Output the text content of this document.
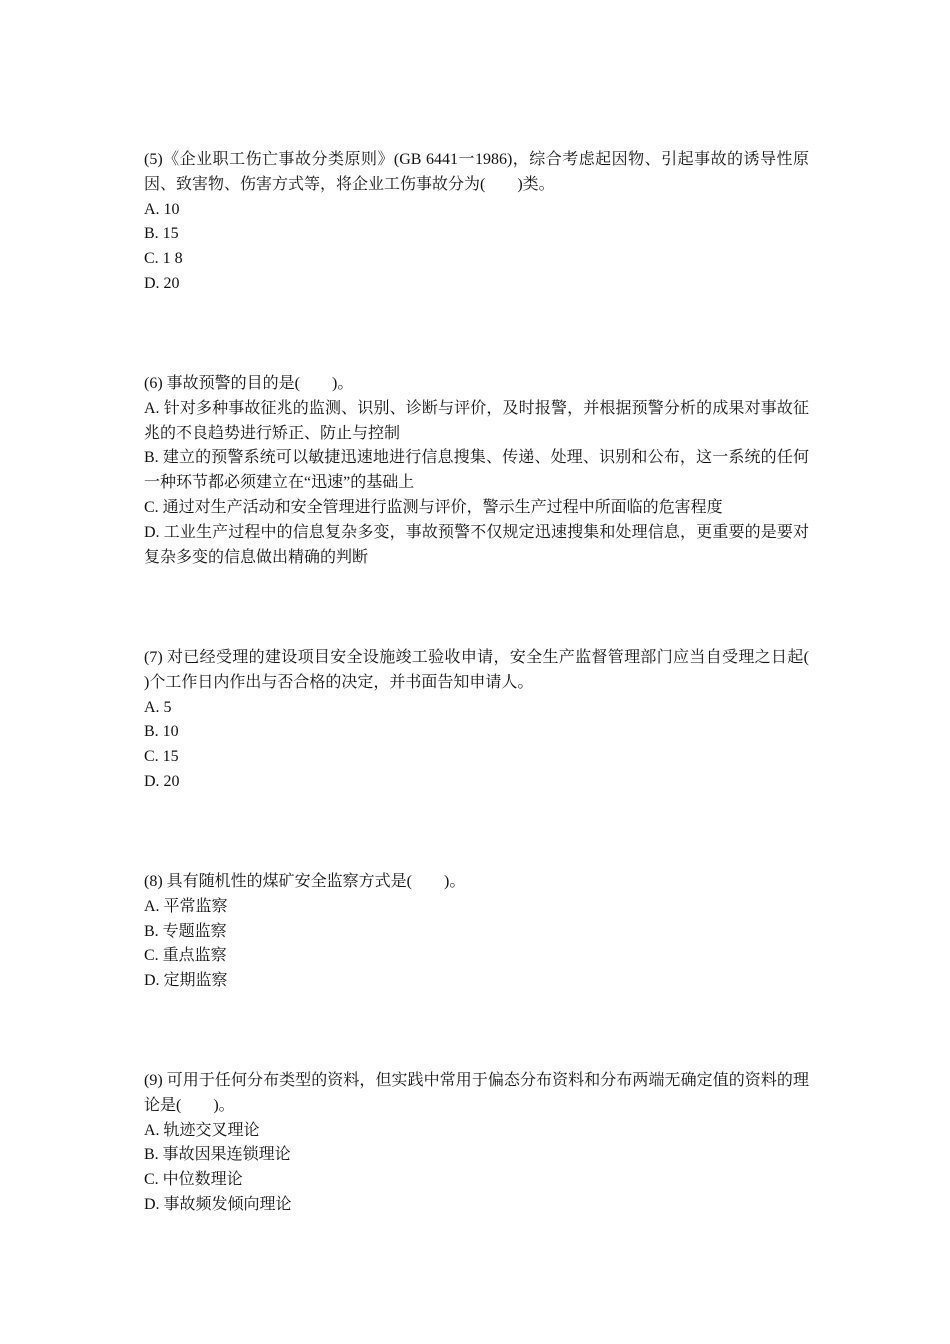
(5)《企业职工伤亡事故分类原则》(GB 6441一1986)，综合考虑起因物、引起事故的诱导性原因、致害物、伤害方式等，将企业工伤事故分为(　　)类。
A. 10
B. 15
C. 1 8
D. 20
(6) 事故预警的目的是(　　)。
A. 针对多种事故征兆的监测、识别、诊断与评价，及时报警，并根据预警分析的成果对事故征兆的不良趋势进行矫正、防止与控制
B. 建立的预警系统可以敏捷迅速地进行信息搜集、传递、处理、识别和公布，这一系统的任何一种环节都必须建立在“迅速”的基础上
C. 通过对生产活动和安全管理进行监测与评价，警示生产过程中所面临的危害程度
D. 工业生产过程中的信息复杂多变，事故预警不仅规定迅速搜集和处理信息，更重要的是要对复杂多变的信息做出精确的判断
(7) 对已经受理的建设项目安全设施竣工验收申请，安全生产监督管理部门应当自受理之日起(　　)个工作日内作出与否合格的决定，并书面告知申请人。
A. 5
B. 10
C. 15
D. 20
(8) 具有随机性的煤矿安全监察方式是(　　)。
A. 平常监察
B. 专题监察
C. 重点监察
D. 定期监察
(9) 可用于任何分布类型的资料，但实践中常用于偏态分布资料和分布两端无确定值的资料的理论是(　　)。
A. 轨迹交叉理论
B. 事故因果连锁理论
C. 中位数理论
D. 事故频发倾向理论
